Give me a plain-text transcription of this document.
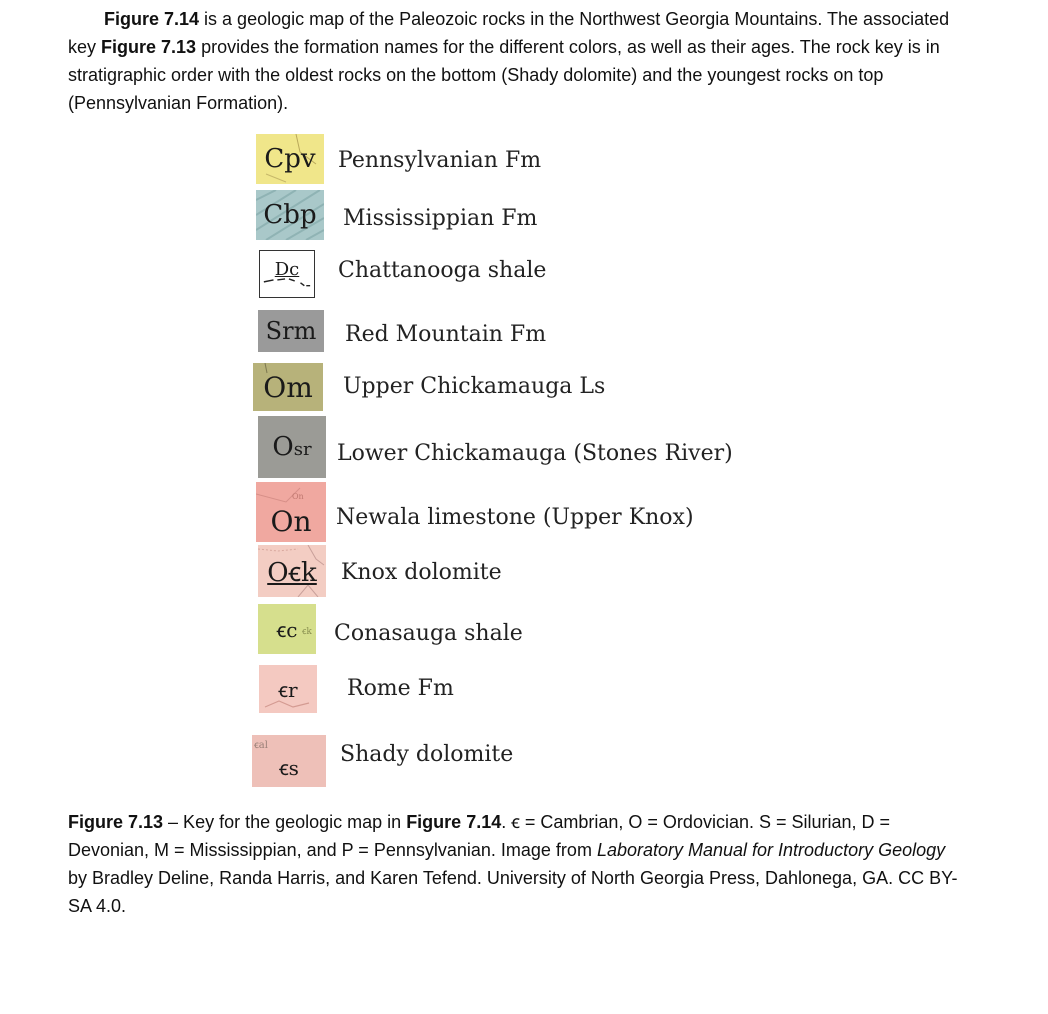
Figure 7.14 is a geologic map of the Paleozoic rocks in the Northwest Georgia Mountains. The associated key Figure 7.13 provides the formation names for the different colors, as well as their ages. The rock key is in stratigraphic order with the oldest rocks on the bottom (Shady dolomite) and the youngest rocks on top (Pennsylvanian Formation).
Cpv Pennsylvanian Fm
Cbp Mississippian Fm
Dc Chattanooga shale
Srm Red Mountain Fm
Om Upper Chickamauga Ls
Osr Lower Chickamauga (Stones River)
On
On Newala limestone (Upper Knox)
Oꞓk Knox dolomite
ꞓc ꞓk Conasauga shale
ꞓr Rome Fm
ꞓal
ꞓs
Shady dolomite
Figure 7.13 – Key for the geologic map in Figure 7.14. ꞓ = Cambrian, O = Ordovician. S = Silurian, D = Devonian, M = Mississippian, and P = Pennsylvanian. Image from Laboratory Manual for Introductory Geology by Bradley Deline, Randa Harris, and Karen Tefend. University of North Georgia Press, Dahlonega, GA. CC BY-SA 4.0.
